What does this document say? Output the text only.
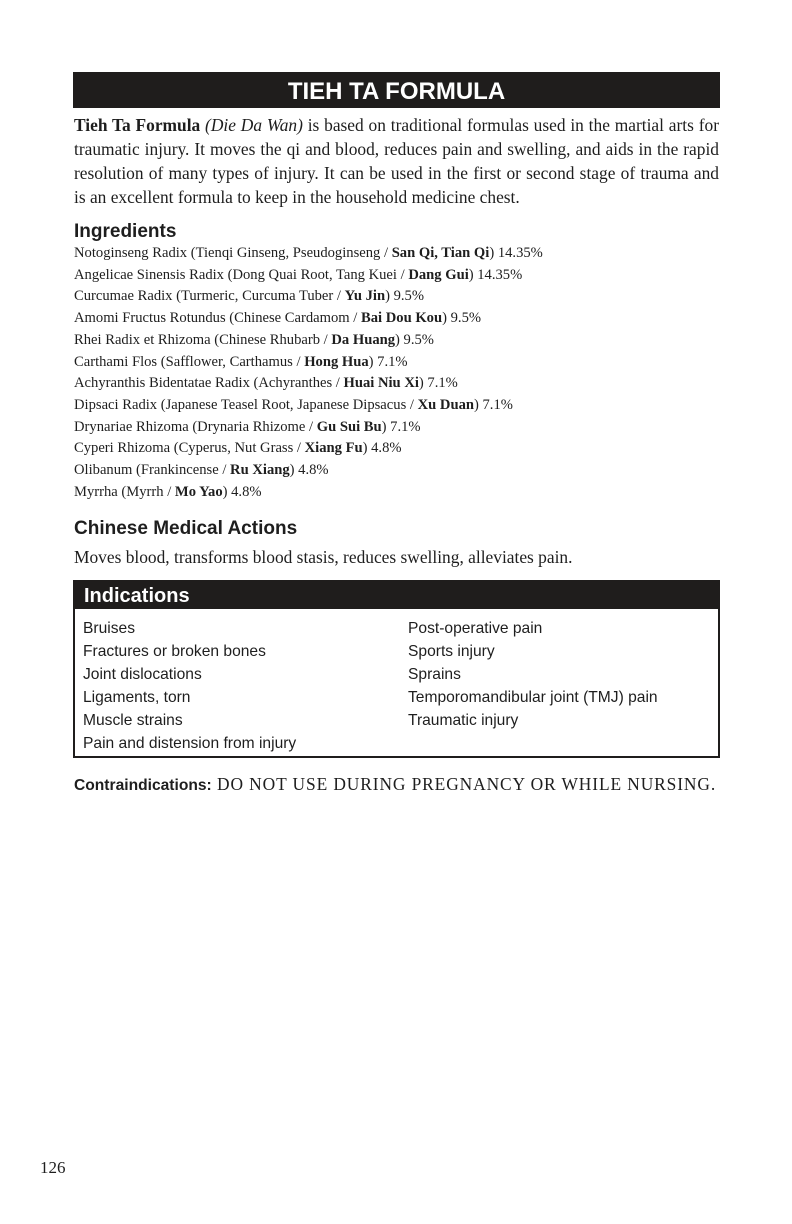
TIEH TA FORMULA

Tieh Ta Formula (Die Da Wan) is based on traditional formulas used in the martial arts for traumatic injury. It moves the qi and blood, reduces pain and swelling, and aids in the rapid resolution of many types of injury. It can be used in the first or second stage of trauma and is an excellent formula to keep in the household medicine chest.

Ingredients
Notoginseng Radix (Tienqi Ginseng, Pseudoginseng / San Qi, Tian Qi) 14.35%
Angelicae Sinensis Radix (Dong Quai Root, Tang Kuei / Dang Gui) 14.35%
Curcumae Radix (Turmeric, Curcuma Tuber / Yu Jin) 9.5%
Amomi Fructus Rotundus (Chinese Cardamom / Bai Dou Kou) 9.5%
Rhei Radix et Rhizoma (Chinese Rhubarb / Da Huang) 9.5%
Carthami Flos (Safflower, Carthamus / Hong Hua) 7.1%
Achyranthis Bidentatae Radix (Achyranthes / Huai Niu Xi) 7.1%
Dipsaci Radix (Japanese Teasel Root, Japanese Dipsacus / Xu Duan) 7.1%
Drynariae Rhizoma (Drynaria Rhizome / Gu Sui Bu) 7.1%
Cyperi Rhizoma (Cyperus, Nut Grass / Xiang Fu) 4.8%
Olibanum (Frankincense / Ru Xiang) 4.8%
Myrrha (Myrrh / Mo Yao) 4.8%
Chinese Medical Actions
Moves blood, transforms blood stasis, reduces swelling, alleviates pain.
Indications
Bruises
Fractures or broken bones
Joint dislocations
Ligaments, torn
Muscle strains
Pain and distension from injury
Post-operative pain
Sports injury
Sprains
Temporomandibular joint (TMJ) pain
Traumatic injury

Contraindications: DO NOT USE DURING PREGNANCY OR WHILE NURSING.

126
